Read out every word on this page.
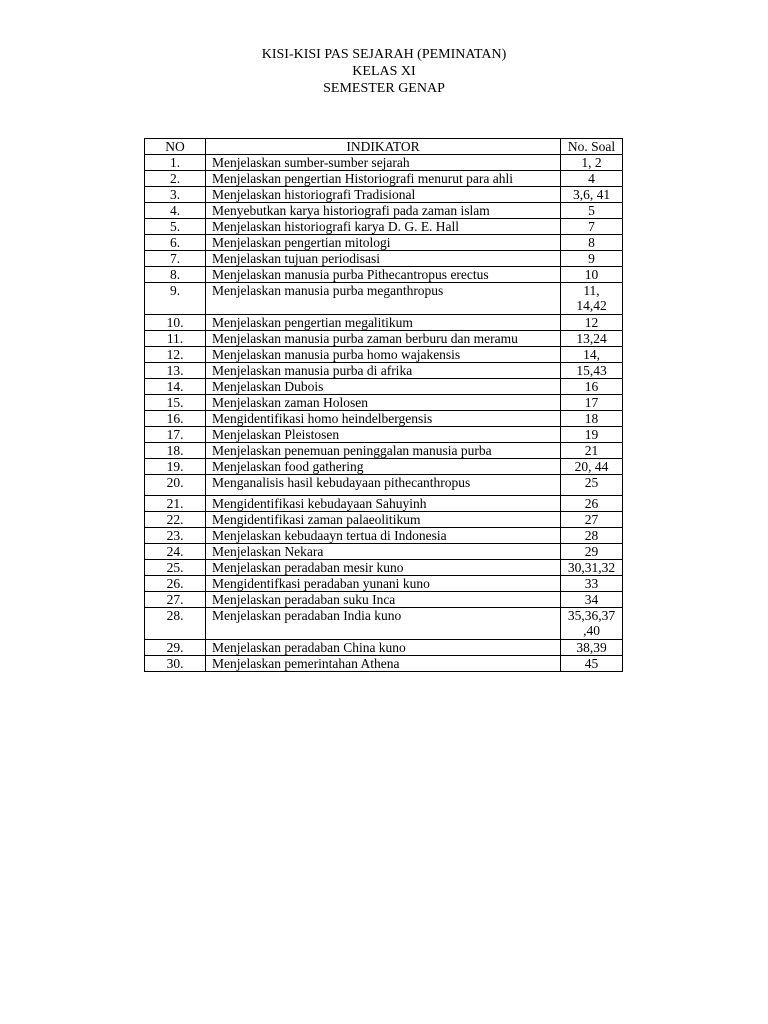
KISI-KISI PAS SEJARAH (PEMINATAN)
KELAS XI
SEMESTER GENAP
NO	INDIKATOR	No. Soal
1.	Menjelaskan sumber-sumber sejarah	1, 2
2.	Menjelaskan pengertian Historiografi menurut para ahli	4
3.	Menjelaskan historiografi Tradisional	3,6, 41
4.	Menyebutkan karya historiografi pada zaman islam	5
5.	Menjelaskan historiografi karya D. G. E. Hall	7
6.	Menjelaskan pengertian mitologi	8
7.	Menjelaskan tujuan periodisasi	9
8.	Menjelaskan manusia purba Pithecantropus erectus	10
9.	Menjelaskan manusia purba meganthropus	11,
14,42
10.	Menjelaskan pengertian megalitikum	12
11.	Menjelaskan manusia purba zaman berburu dan meramu	13,24
12.	Menjelaskan manusia purba homo wajakensis	14,
13.	Menjelaskan manusia purba di afrika	15,43
14.	Menjelaskan Dubois	16
15.	Menjelaskan zaman Holosen	17
16.	Mengidentifikasi homo heindelbergensis	18
17.	Menjelaskan Pleistosen	19
18.	Menjelaskan penemuan peninggalan manusia purba	21
19.	Menjelaskan food gathering	20, 44
20.	Menganalisis hasil kebudayaan pithecanthropus	25
21.	Mengidentifikasi kebudayaan Sahuyinh	26
22.	Mengidentifikasi zaman palaeolitikum	27
23.	Menjelaskan kebudaayn tertua di Indonesia	28
24.	Menjelaskan Nekara	29
25.	Menjelaskan peradaban mesir kuno	30,31,32
26.	Mengidentifkasi peradaban yunani kuno	33
27.	Menjelaskan peradaban suku Inca	34
28.	Menjelaskan peradaban India kuno	35,36,37
,40
29.	Menjelaskan peradaban China kuno	38,39
30.	Menjelaskan pemerintahan Athena	45
